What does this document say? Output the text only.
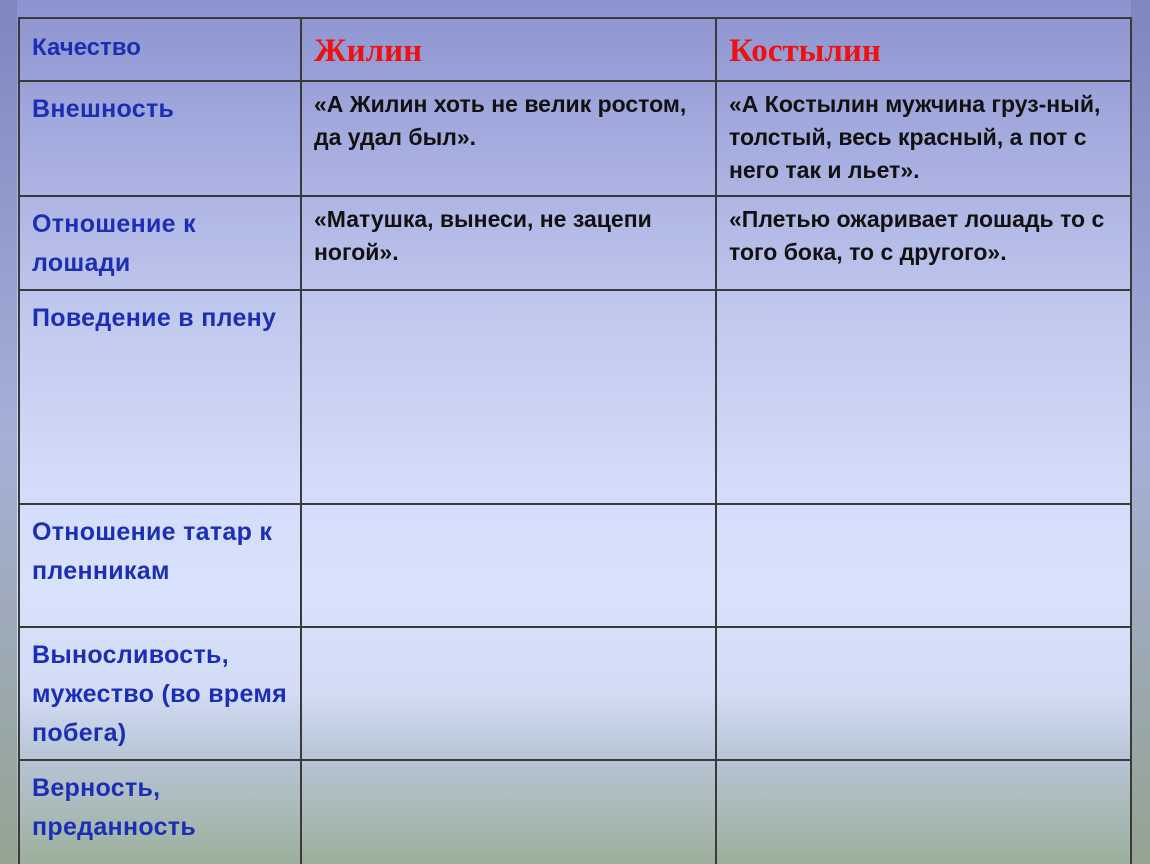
Качество	Жилин	Костылин
Внешность	«А Жилин хоть не велик ростом, да удал был».	«А Костылин мужчина груз-ный, толстый, весь красный, а пот с него так и льет».
Отношение к лошади	«Матушка, вынеси, не зацепи ногой».	«Плетью ожаривает лошадь то с того бока, то с другого».
Поведение в плену		
Отношение татар к пленникам		
Выносливость, мужество (во время побега)		
Верность, преданность		
